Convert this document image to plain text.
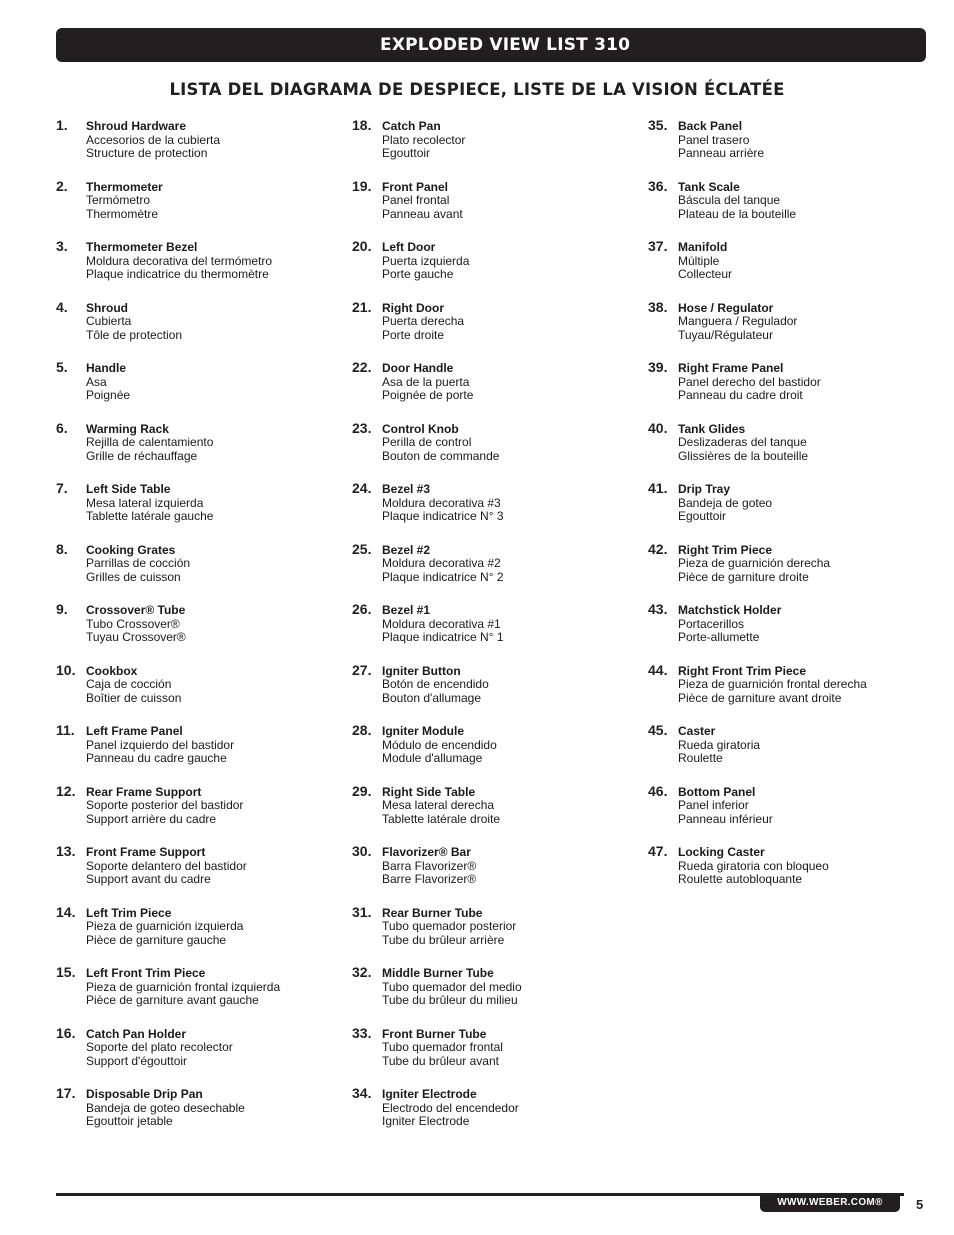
EXPLODED VIEW LIST 310
LISTA DEL DIAGRAMA DE DESPIECE, LISTE DE LA VISION ÉCLATÉE
1. Shroud Hardware
Accesorios de la cubierta
Structure de protection
2. Thermometer
Termómetro
Thermomètre
3. Thermometer Bezel
Moldura decorativa del termómetro
Plaque indicatrice du thermomètre
4. Shroud
Cubierta
Tôle de protection
5. Handle
Asa
Poignée
6. Warming Rack
Rejilla de calentamiento
Grille de réchauffage
7. Left Side Table
Mesa lateral izquierda
Tablette latérale gauche
8. Cooking Grates
Parrillas de cocción
Grilles de cuisson
9. Crossover® Tube
Tubo Crossover®
Tuyau Crossover®
10. Cookbox
Caja de cocción
Boîtier de cuisson
11. Left Frame Panel
Panel izquierdo del bastidor
Panneau du cadre gauche
12. Rear Frame Support
Soporte posterior del bastidor
Support arrière du cadre
13. Front Frame Support
Soporte delantero del bastidor
Support avant du cadre
14. Left Trim Piece
Pieza de guarnición izquierda
Pièce de garniture gauche
15. Left Front Trim Piece
Pieza de guarnición frontal izquierda
Pièce de garniture avant gauche
16. Catch Pan Holder
Soporte del plato recolector
Support d'égouttoir
17. Disposable Drip Pan
Bandeja de goteo desechable
Egouttoir jetable
18. Catch Pan
Plato recolector
Egouttoir
19. Front Panel
Panel frontal
Panneau avant
20. Left Door
Puerta izquierda
Porte gauche
21. Right Door
Puerta derecha
Porte droite
22. Door Handle
Asa de la puerta
Poignée de porte
23. Control Knob
Perilla de control
Bouton de commande
24. Bezel #3
Moldura decorativa #3
Plaque indicatrice N° 3
25. Bezel #2
Moldura decorativa #2
Plaque indicatrice N° 2
26. Bezel #1
Moldura decorativa #1
Plaque indicatrice N° 1
27. Igniter Button
Botón de encendido
Bouton d'allumage
28. Igniter Module
Módulo de encendido
Module d'allumage
29. Right Side Table
Mesa lateral derecha
Tablette latérale droite
30. Flavorizer® Bar
Barra Flavorizer®
Barre Flavorizer®
31. Rear Burner Tube
Tubo quemador posterior
Tube du brûleur arrière
32. Middle Burner Tube
Tubo quemador del medio
Tube du brûleur du milieu
33. Front Burner Tube
Tubo quemador frontal
Tube du brûleur avant
34. Igniter Electrode
Electrodo del encendedor
Igniter Electrode
35. Back Panel
Panel trasero
Panneau arrière
36. Tank Scale
Báscula del tanque
Plateau de la bouteille
37. Manifold
Múltiple
Collecteur
38. Hose / Regulator
Manguera / Regulador
Tuyau/Régulateur
39. Right Frame Panel
Panel derecho del bastidor
Panneau du cadre droit
40. Tank Glides
Deslizaderas del tanque
Glissières de la bouteille
41. Drip Tray
Bandeja de goteo
Egouttoir
42. Right Trim Piece
Pieza de guarnición derecha
Pièce de garniture droite
43. Matchstick Holder
Portacerillos
Porte-allumette
44. Right Front Trim Piece
Pieza de guarnición frontal derecha
Pièce de garniture avant droite
45. Caster
Rueda giratoria
Roulette
46. Bottom Panel
Panel inferior
Panneau inférieur
47. Locking Caster
Rueda giratoria con bloqueo
Roulette autobloquante
WWW.WEBER.COM®	5
